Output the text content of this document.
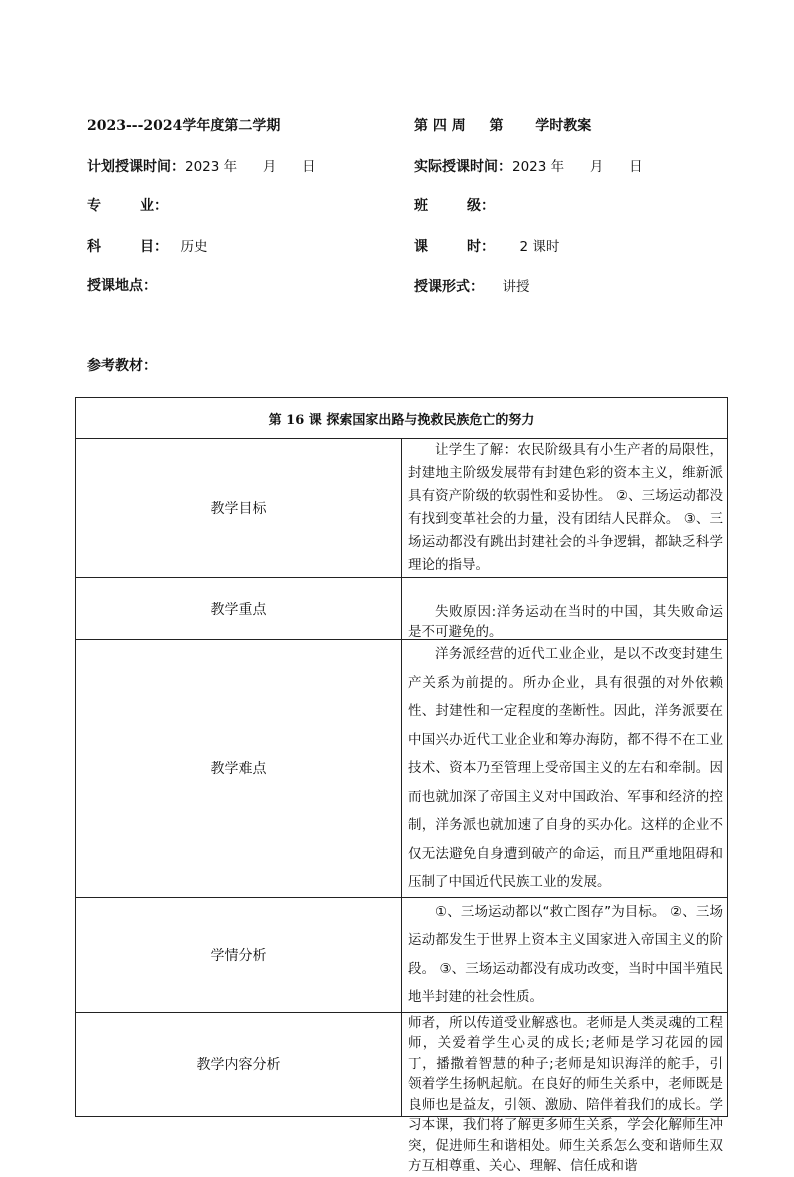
2023---2024学年度第二学期	第 四 周 第 学时教案
计划授课时间：2023 年      月      日	实际授课时间：2023 年      月      日
专        业：	班        级：
科        目： 历史	课        时： 2 课时
授课地点：	授课形式： 讲授
参考教材：
第 16 课 探索国家出路与挽救民族危亡的努力	
教学目标	让学生了解：农民阶级具有小生产者的局限性，封建地主阶级发展带有封建色彩的资本主义，维新派具有资产阶级的软弱性和妥协性。 ②、三场运动都没有找到变革社会的力量，没有团结人民群众。 ③、三场运动都没有跳出封建社会的斗争逻辑，都缺乏科学理论的指导。

教学重点	失败原因:洋务运动在当时的中国，其失败命运是不可避免的。

教学难点	洋务派经营的近代工业企业，是以不改变封建生产关系为前提的。所办企业，具有很强的对外依赖性、封建性和一定程度的垄断性。因此，洋务派要在中国兴办近代工业企业和筹办海防，都不得不在工业技术、资本乃至管理上受帝国主义的左右和牵制。因而也就加深了帝国主义对中国政治、军事和经济的控制，洋务派也就加速了自身的买办化。这样的企业不仅无法避免自身遭到破产的命运，而且严重地阻碍和压制了中国近代民族工业的发展。

学情分析	①、三场运动都以“救亡图存”为目标。 ②、三场运动都发生于世界上资本主义国家进入帝国主义的阶段。 ③、三场运动都没有成功改变，当时中国半殖民地半封建的社会性质。

教学内容分析	师者，所以传道受业解惑也。老师是人类灵魂的工程师，关爱着学生心灵的成长;老师是学习花园的园丁，播撒着智慧的种子;老师是知识海洋的舵手，引领着学生扬帆起航。在良好的师生关系中，老师既是良师也是益友，引领、激励、陪伴着我们的成长。学习本课，我们将了解更多师生关系，学会化解师生冲突，促进师生和谐相处。师生关系怎么变和谐师生双方互相尊重、关心、理解、信任成和谐
